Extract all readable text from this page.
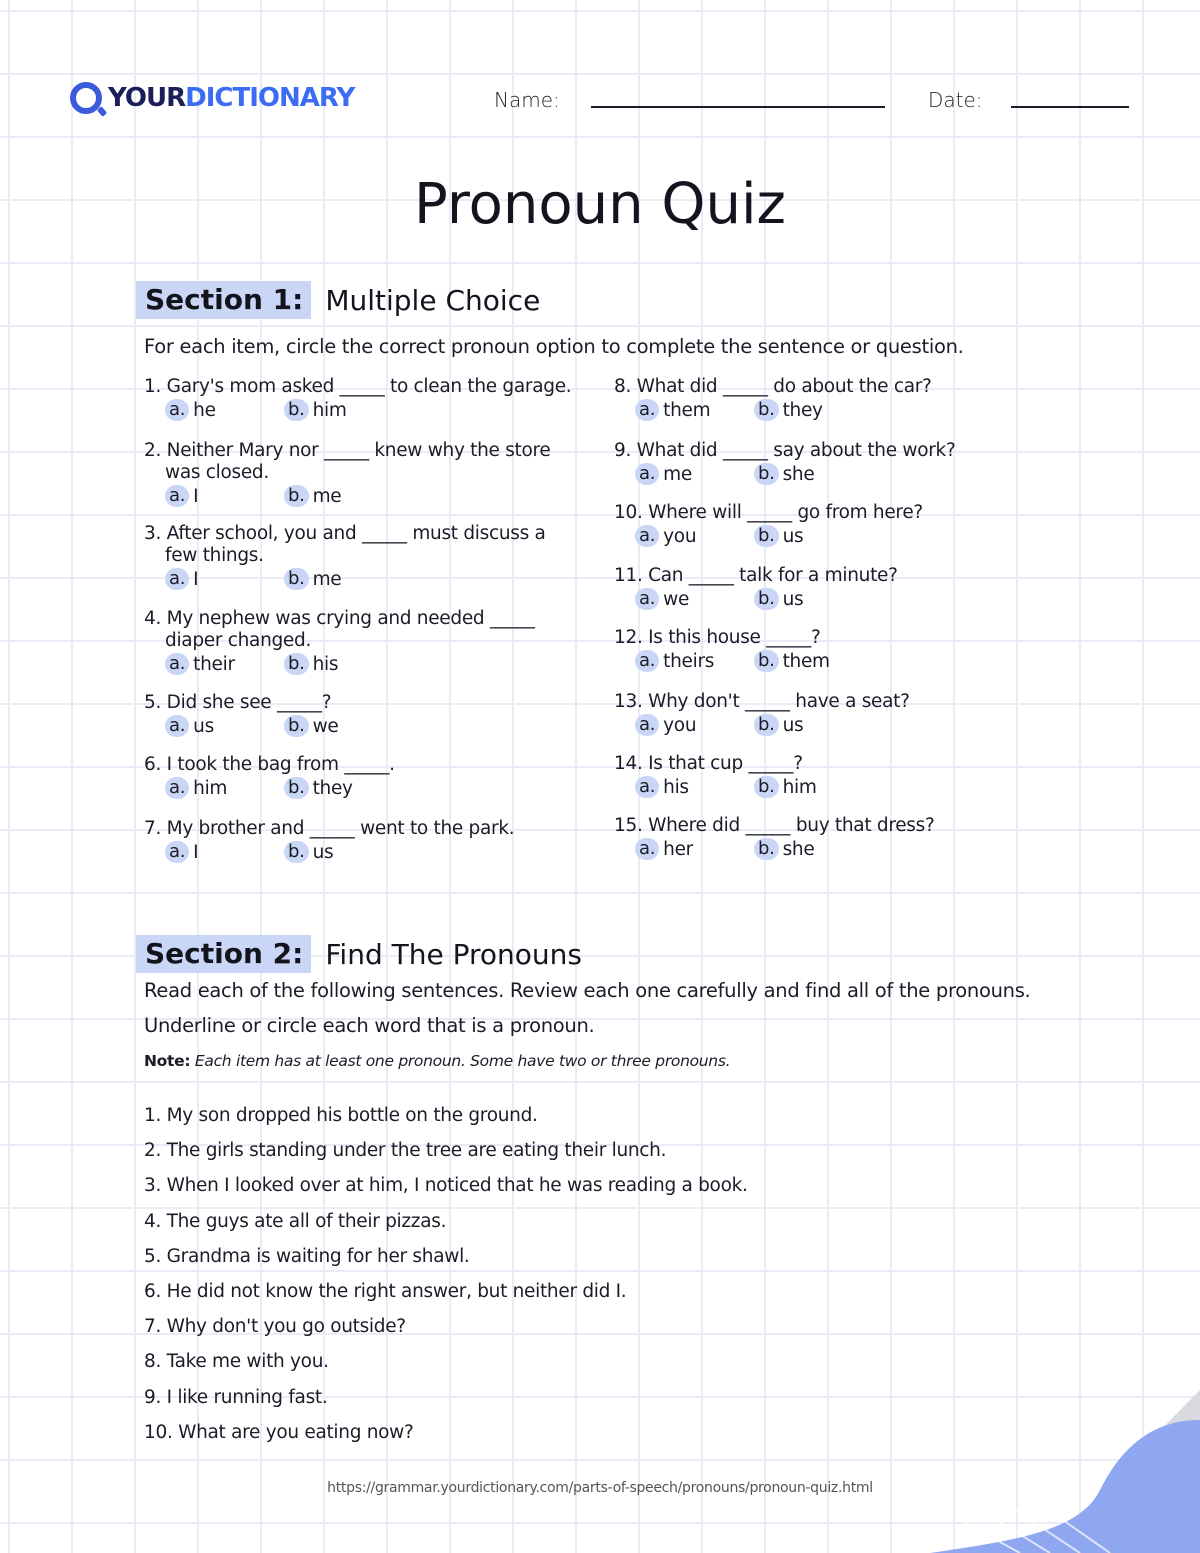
YOURDICTIONARY	Name:	Date:
Pronoun Quiz
Section 1: Multiple Choice
For each item, circle the correct pronoun option to complete the sentence or question.
1. Gary's mom asked _____ to clean the garage.
a. he	b. him
2. Neither Mary nor _____ knew why the store
was closed.
a. I	b. me
3. After school, you and _____ must discuss a
few things.
a. I	b. me
4. My nephew was crying and needed _____
diaper changed.
a. their	b. his
5. Did she see _____?
a. us	b. we
6. I took the bag from _____.
a. him	b. they
7. My brother and _____ went to the park.
a. I	b. us
8. What did _____ do about the car?
a. them	b. they
9. What did _____ say about the work?
a. me	b. she
10. Where will _____ go from here?
a. you	b. us
11. Can _____ talk for a minute?
a. we	b. us
12. Is this house _____?
a. theirs b. them
13. Why don't _____ have a seat?
a. you	b. us
14. Is that cup _____?
a. his	b. him
15. Where did _____ buy that dress?
a. her	b. she
Section 2: Find The Pronouns
Read each of the following sentences. Review each one carefully and find all of the pronouns.
Underline or circle each word that is a pronoun.
Note: Each item has at least one pronoun. Some have two or three pronouns.
1. My son dropped his bottle on the ground.
2. The girls standing under the tree are eating their lunch.
3. When I looked over at him, I noticed that he was reading a book.
4. The guys ate all of their pizzas.
5. Grandma is waiting for her shawl.
6. He did not know the right answer, but neither did I.
7. Why don't you go outside?
8. Take me with you.
9. I like running fast.
10. What are you eating now?
https://grammar.yourdictionary.com/parts-of-speech/pronouns/pronoun-quiz.html
